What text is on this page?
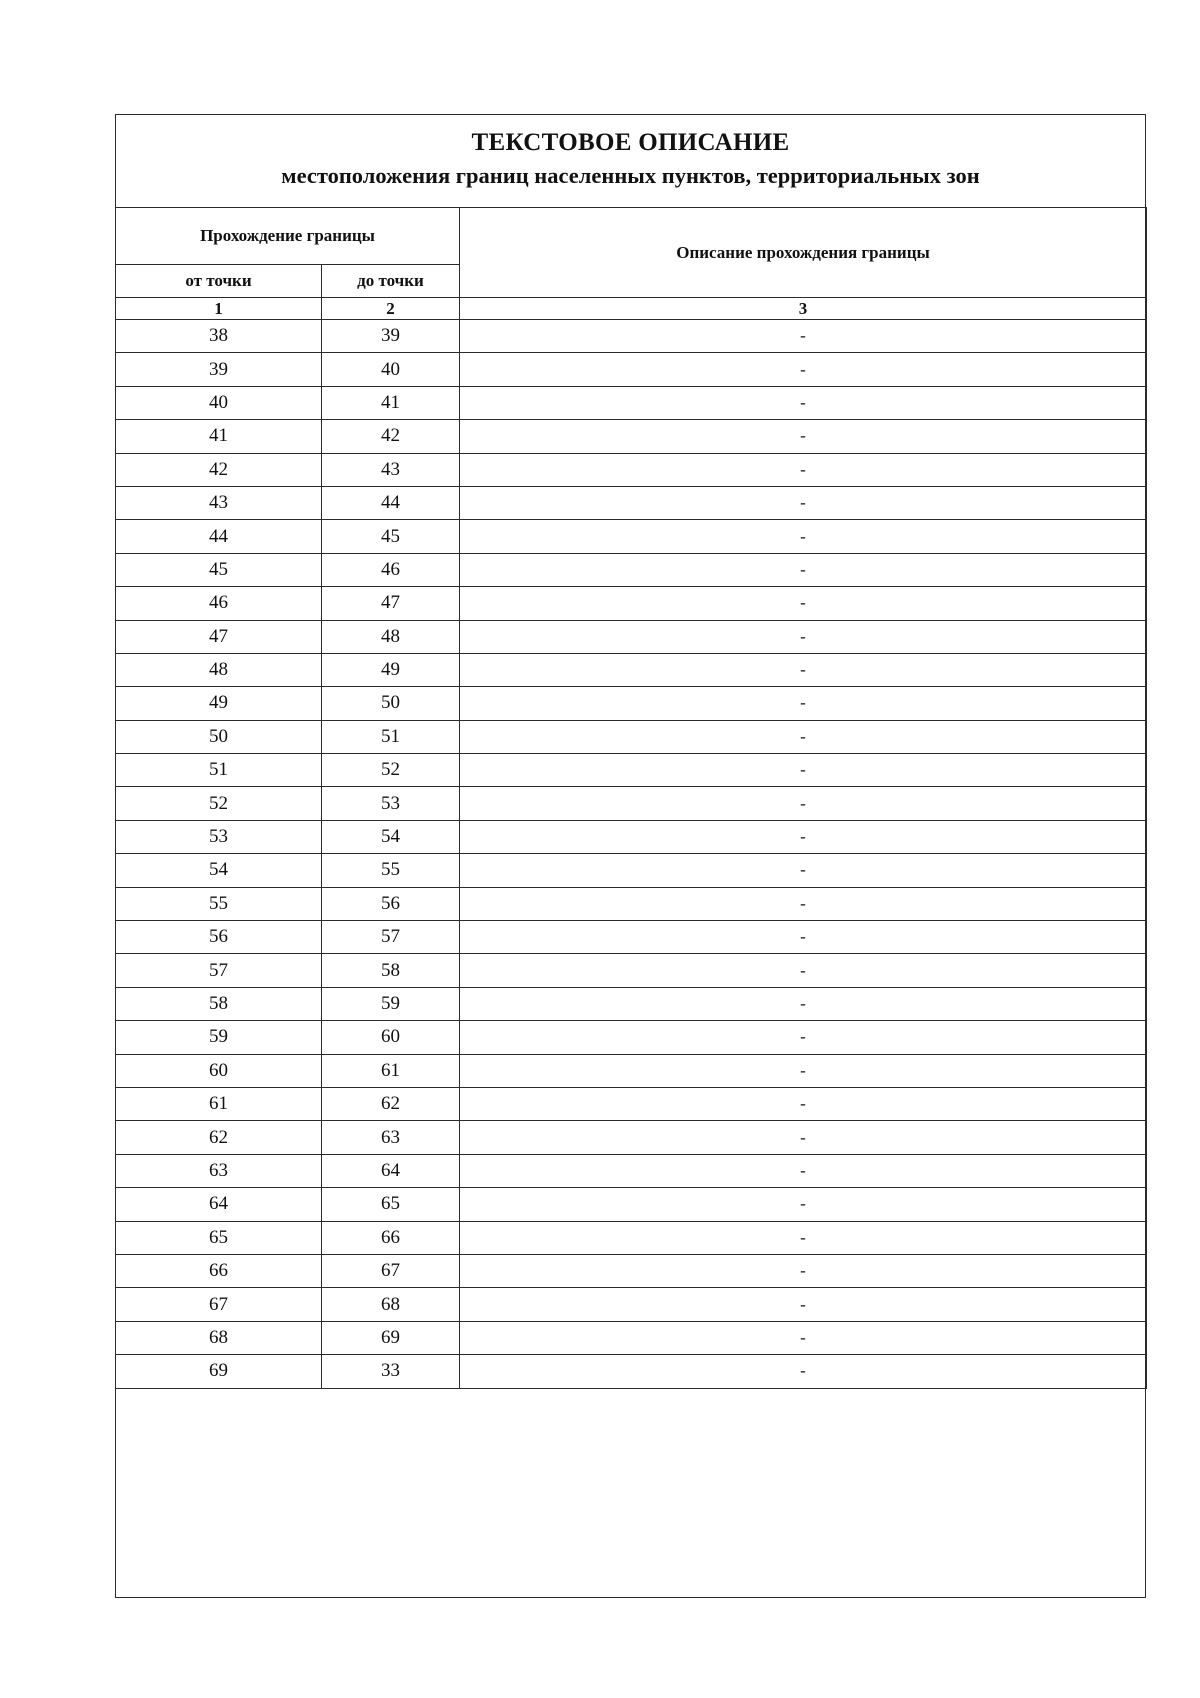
ТЕКСТОВОЕ ОПИСАНИЕ
местоположения границ населенных пунктов, территориальных зон
Прохождение границы		Описание прохождения границы
от точки	до точки	
1	2	3
38	39	-
39	40	-
40	41	-
41	42	-
42	43	-
43	44	-
44	45	-
45	46	-
46	47	-
47	48	-
48	49	-
49	50	-
50	51	-
51	52	-
52	53	-
53	54	-
54	55	-
55	56	-
56	57	-
57	58	-
58	59	-
59	60	-
60	61	-
61	62	-
62	63	-
63	64	-
64	65	-
65	66	-
66	67	-
67	68	-
68	69	-
69	33	-
